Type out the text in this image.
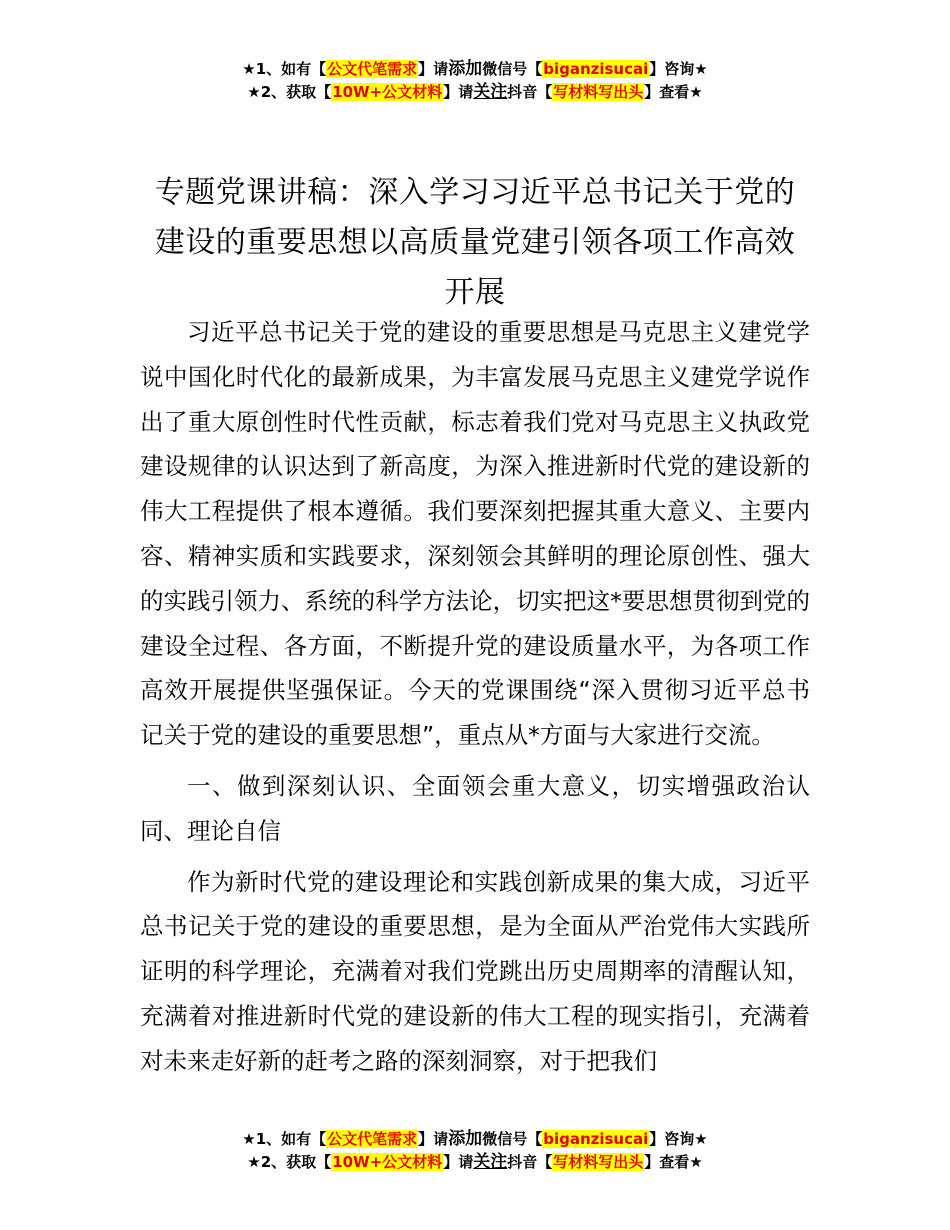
★1、如有【公文代笔需求】请添加微信号【biganzisucai】咨询★
★2、获取【10W+公文材料】请关注抖音【写材料写出头】查看★
专题党课讲稿：深入学习习近平总书记关于党的建设的重要思想以高质量党建引领各项工作高效开展

习近平总书记关于党的建设的重要思想是马克思主义建党学说中国化时代化的最新成果，为丰富发展马克思主义建党学说作出了重大原创性时代性贡献，标志着我们党对马克思主义执政党建设规律的认识达到了新高度，为深入推进新时代党的建设新的伟大工程提供了根本遵循。我们要深刻把握其重大意义、主要内容、精神实质和实践要求，深刻领会其鲜明的理论原创性、强大的实践引领力、系统的科学方法论，切实把这*要思想贯彻到党的建设全过程、各方面，不断提升党的建设质量水平，为各项工作高效开展提供坚强保证。今天的党课围绕“深入贯彻习近平总书记关于党的建设的重要思想”，重点从*方面与大家进行交流。

一、做到深刻认识、全面领会重大意义，切实增强政治认同、理论自信

作为新时代党的建设理论和实践创新成果的集大成，习近平总书记关于党的建设的重要思想，是为全面从严治党伟大实践所证明的科学理论，充满着对我们党跳出历史周期率的清醒认知，充满着对推进新时代党的建设新的伟大工程的现实指引，充满着对未来走好新的赶考之路的深刻洞察，对于把我们

★1、如有【公文代笔需求】请添加微信号【biganzisucai】咨询★
★2、获取【10W+公文材料】请关注抖音【写材料写出头】查看★
